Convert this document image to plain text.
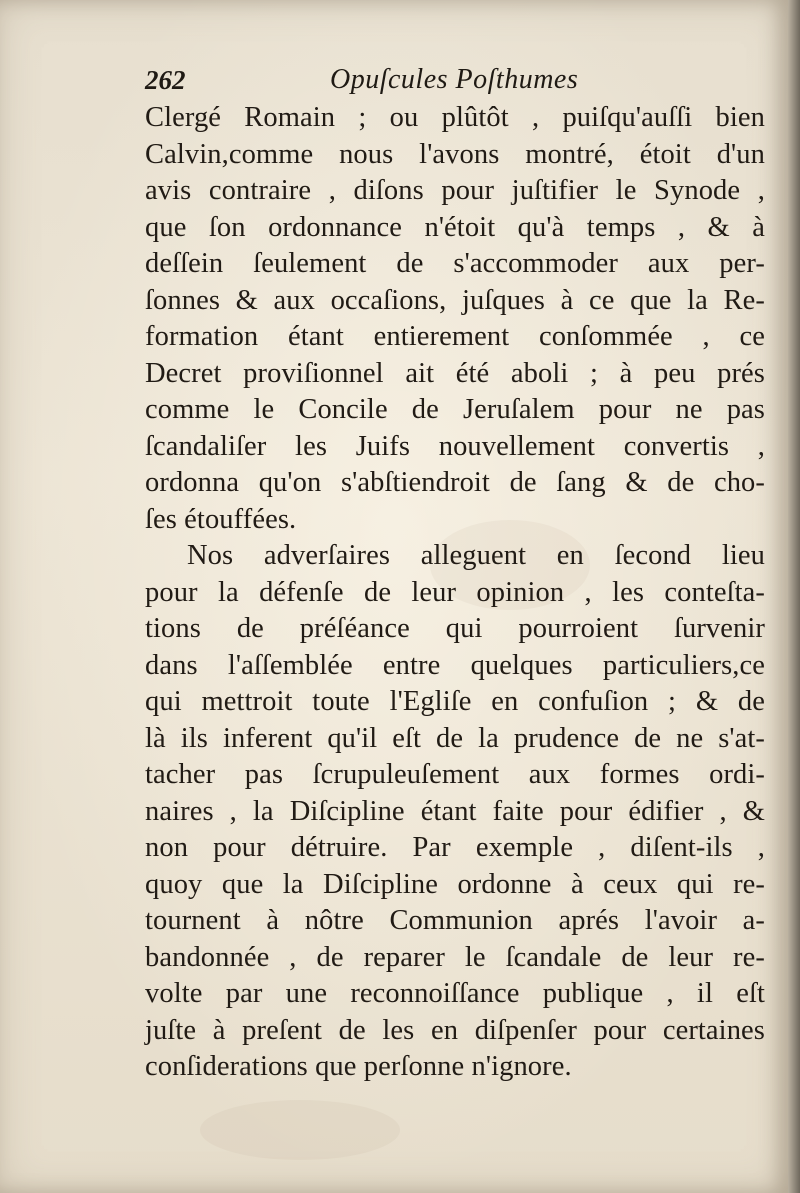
262	Opuſcules Poſthumes
Clergé Romain ; ou plûtôt , puiſqu'auſſi bien
Calvin,comme nous l'avons montré, étoit d'un
avis contraire , diſons pour juſtifier le Synode ,
que ſon ordonnance n'étoit qu'à temps , & à
deſſein ſeulement de s'accommoder aux per-
ſonnes & aux occaſions, juſques à ce que la Re-
formation étant entierement conſommée , ce
Decret proviſionnel ait été aboli ; à peu prés
comme le Concile de Jeruſalem pour ne pas
ſcandaliſer les Juifs nouvellement convertis ,
ordonna qu'on s'abſtiendroit de ſang & de cho-
ſes étouffées.
Nos adverſaires alleguent en ſecond lieu
pour la défenſe de leur opinion , les conteſta-
tions de préſéance qui pourroient ſurvenir
dans l'aſſemblée entre quelques particuliers,ce
qui mettroit toute l'Egliſe en confuſion ; & de
là ils inferent qu'il eſt de la prudence de ne s'at-
tacher pas ſcrupuleuſement aux formes ordi-
naires , la Diſcipline étant faite pour édifier , &
non pour détruire. Par exemple , diſent-ils ,
quoy que la Diſcipline ordonne à ceux qui re-
tournent à nôtre Communion aprés l'avoir a-
bandonnée , de reparer le ſcandale de leur re-
volte par une reconnoiſſance publique , il eſt
juſte à preſent de les en diſpenſer pour certaines
conſiderations que perſonne n'ignore.
